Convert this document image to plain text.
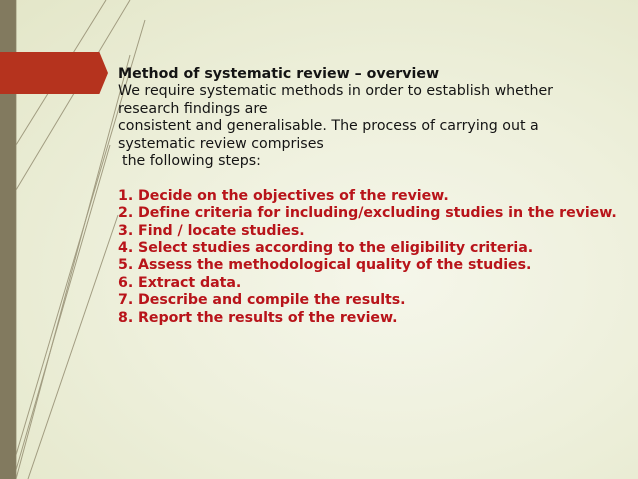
Method of systematic review – overview

We require systematic methods in order to establish whether

research findings are

consistent and generalisable. The process of carrying out a

systematic review comprises

the following steps:

1. Decide on the objectives of the review.
2. Define criteria for including/excluding studies in the review.
3. Find / locate studies.
4. Select studies according to the eligibility criteria.
5. Assess the methodological quality of the studies.
6. Extract data.
7. Describe and compile the results.
8. Report the results of the review.
